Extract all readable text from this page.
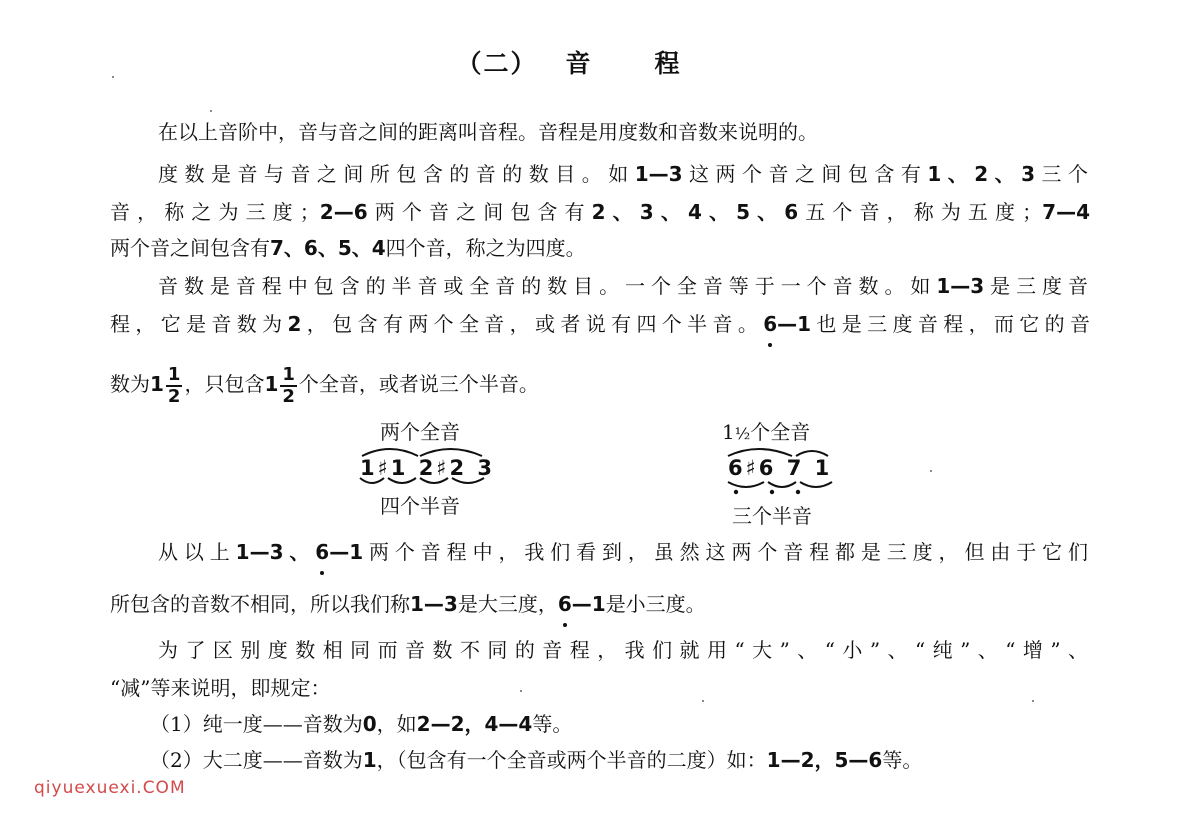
（二） 音程
在以上音阶中，音与音之间的距离叫音程。音程是用度数和音数来说明的。
度数是音与音之间所包含的音的数目。如1—3这两个音之间包含有1、2、3三个
音，称之为三度；2—6两个音之间包含有2、3、4、5、6五个音，称为五度；7—4
两个音之间包含有7、6、5、4四个音，称之为四度。
音数是音程中包含的半音或全音的数目。一个全音等于一个音数。如1—3是三度音
程，它是音数为2，包含有两个全音，或者说有四个半音。6—1也是三度音程，而它的音
数为$1 \frac{1}{2}$ ，只包含$1 \frac{1}{2}$ 个全音，或者说三个半音。
两个全音
1♯1 2♯2 3
四个半音
1½个全音
6♯6 7 1
三个半音
从以上1—3、6—1两个音程中，我们看到，虽然这两个音程都是三度，但由于它们
所包含的音数不相同，所以我们称1—3是大三度，6—1是小三度。
为了区别度数相同而音数不同的音程，我们就用“大”、“小”、“纯”、“增”、
“减”等来说明，即规定：
（1）纯一度——音数为0，如2—2，4—4等。
（2）大二度——音数为1，（包含有一个全音或两个半音的二度）如：1—2，5—6等。
qiyuexuexi.COM
